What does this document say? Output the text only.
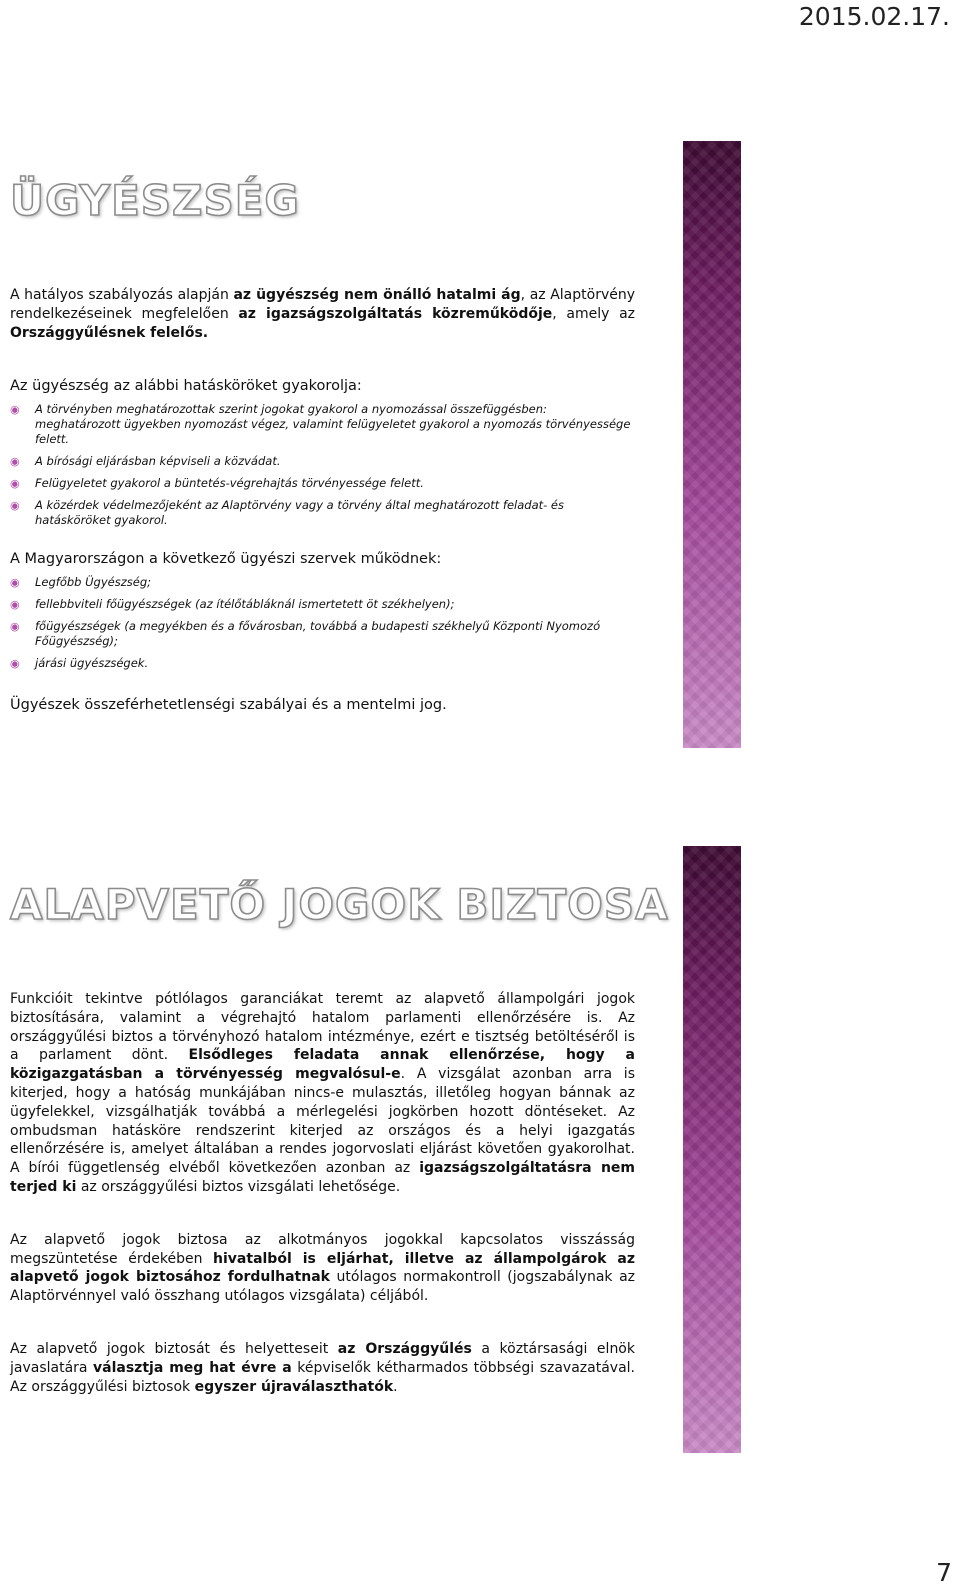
2015.02.17.
ÜGYÉSZSÉG

A hatályos szabályozás alapján az ügyészség nem önálló hatalmi ág, az Alaptörvény rendelkezéseinek megfelelően az igazságszolgáltatás közreműködője, amely az Országgyűlésnek felelős.

Az ügyészség az alábbi hatásköröket gyakorolja:

◉ A törvényben meghatározottak szerint jogokat gyakorol a nyomozással összefüggésben: meghatározott ügyekben nyomozást végez, valamint felügyeletet gyakorol a nyomozás törvényessége felett.
◉ A bírósági eljárásban képviseli a közvádat.
◉ Felügyeletet gyakorol a büntetés-végrehajtás törvényessége felett.
◉ A közérdek védelmezőjeként az Alaptörvény vagy a törvény által meghatározott feladat- és hatásköröket gyakorol.

A Magyarországon a következő ügyészi szervek működnek:

◉ Legfőbb Ügyészség;
◉ fellebbviteli főügyészségek (az ítélőtábláknál ismertetett öt székhelyen);
◉ főügyészségek (a megyékben és a fővárosban, továbbá a budapesti székhelyű Központi Nyomozó Főügyészség);
◉ járási ügyészségek.

Ügyészek összeférhetetlenségi szabályai és a mentelmi jog.

ALAPVETŐ JOGOK BIZTOSA

Funkcióit tekintve pótlólagos garanciákat teremt az alapvető állampolgári jogok biztosítására, valamint a végrehajtó hatalom parlamenti ellenőrzésére is. Az országgyűlési biztos a törvényhozó hatalom intézménye, ezért e tisztség betöltéséről is a parlament dönt. Elsődleges feladata annak ellenőrzése, hogy a közigazgatásban a törvényesség megvalósul-e. A vizsgálat azonban arra is kiterjed, hogy a hatóság munkájában nincs-e mulasztás, illetőleg hogyan bánnak az ügyfelekkel, vizsgálhatják továbbá a mérlegelési jogkörben hozott döntéseket. Az ombudsman hatásköre rendszerint kiterjed az országos és a helyi igazgatás ellenőrzésére is, amelyet általában a rendes jogorvoslati eljárást követően gyakorolhat. A bírói függetlenség elvéből következően azonban az igazságszolgáltatásra nem terjed ki az országgyűlési biztos vizsgálati lehetősége.

Az alapvető jogok biztosa az alkotmányos jogokkal kapcsolatos visszásság megszüntetése érdekében hivatalból is eljárhat, illetve az állampolgárok az alapvető jogok biztosához fordulhatnak utólagos normakontroll (jogszabálynak az Alaptörvénnyel való összhang utólagos vizsgálata) céljából.

Az alapvető jogok biztosát és helyetteseit az Országgyűlés a köztársasági elnök javaslatára választja meg hat évre a képviselők kétharmados többségi szavazatával. Az országgyűlési biztosok egyszer újraválaszthatók.

7
